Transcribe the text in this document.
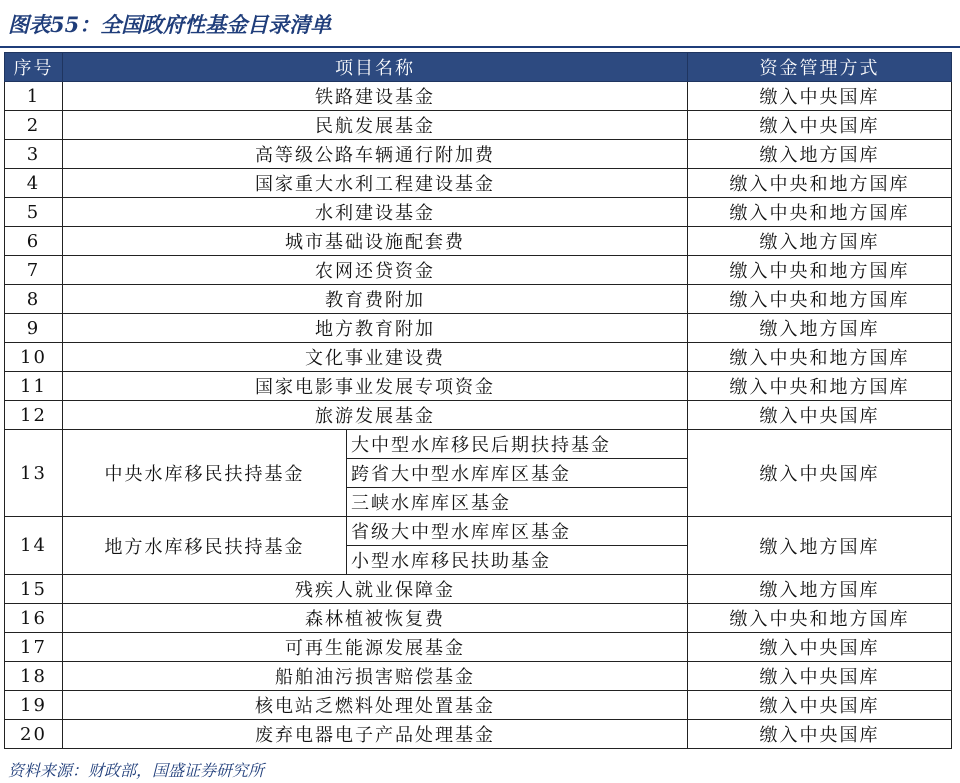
图表55：全国政府性基金目录清单
序号	项目名称		资金管理方式
1	铁路建设基金		缴入中央国库
2	民航发展基金		缴入中央国库
3	高等级公路车辆通行附加费		缴入地方国库
4	国家重大水利工程建设基金		缴入中央和地方国库
5	水利建设基金		缴入中央和地方国库
6	城市基础设施配套费		缴入地方国库
7	农网还贷资金		缴入中央和地方国库
8	教育费附加		缴入中央和地方国库
9	地方教育附加		缴入地方国库
10	文化事业建设费		缴入中央和地方国库
11	国家电影事业发展专项资金		缴入中央和地方国库
12	旅游发展基金		缴入中央国库
13	中央水库移民扶持基金	大中型水库移民后期扶持基金	缴入中央国库
		跨省大中型水库库区基金	
		三峡水库库区基金	
14	地方水库移民扶持基金	省级大中型水库库区基金	缴入地方国库
		小型水库移民扶助基金	
15	残疾人就业保障金		缴入地方国库
16	森林植被恢复费		缴入中央和地方国库
17	可再生能源发展基金		缴入中央国库
18	船舶油污损害赔偿基金		缴入中央国库
19	核电站乏燃料处理处置基金		缴入中央国库
20	废弃电器电子产品处理基金		缴入中央国库
资料来源：财政部，国盛证券研究所
